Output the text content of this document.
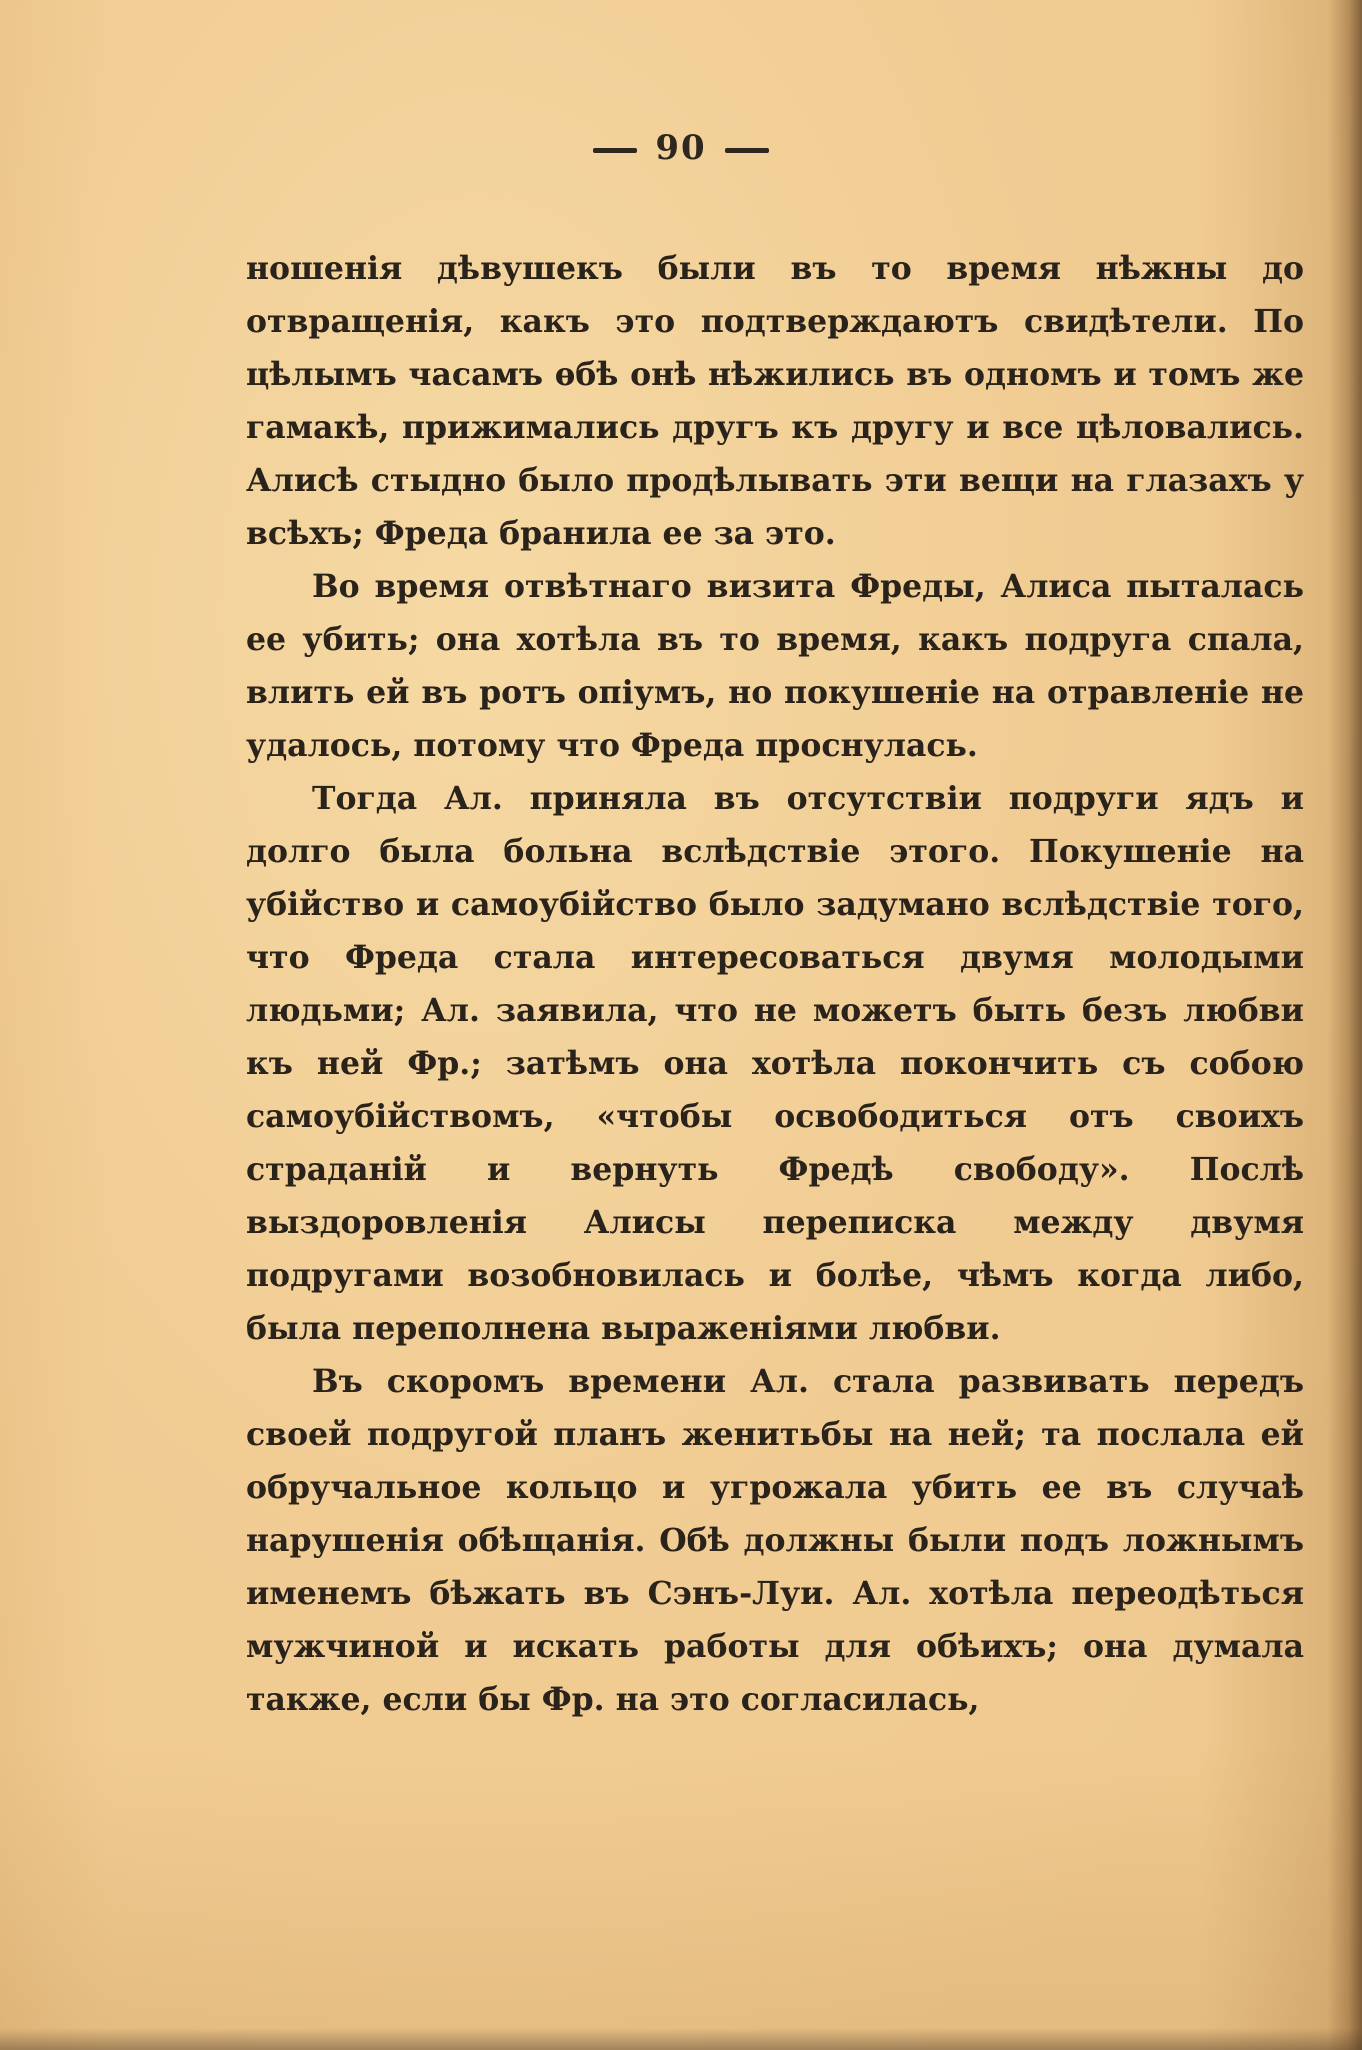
90

ношенія дѣвушекъ были въ то время нѣжны до отвращенія, какъ это подтверждаютъ свидѣтели. По цѣлымъ часамъ ѳбѣ онѣ нѣжились въ одномъ и томъ же гамакѣ, прижимались другъ къ другу и все цѣловались. Алисѣ стыдно было продѣлывать эти вещи на глазахъ у всѣхъ; Фреда бранила ее за это.

Во время отвѣтнаго визита Фреды, Алиса пыталась ее убить; она хотѣла въ то время, какъ подруга спала, влить ей въ ротъ опiумъ, но покушеніе на отравленіе не удалось, потому что Фреда проснулась.

Тогда Ал. приняла въ отсутствіи подруги ядъ и долго была больна вслѣдствіе этого. Покушеніе на убійство и самоубійство было задумано вслѣдствіе того, что Фреда стала интересоваться двумя молодыми людьми; Ал. заявила, что не можетъ быть безъ любви къ ней Фр.; затѣмъ она хотѣла покончить съ собою самоубійствомъ, «чтобы освободиться отъ своихъ страданій и вернуть Фредѣ свободу». Послѣ выздоровленія Алисы переписка между двумя подругами возобновилась и болѣе, чѣмъ когда либо, была переполнена выраженіями любви.

Въ скоромъ времени Ал. стала развивать передъ своей подругой планъ женитьбы на ней; та послала ей обручальное кольцо и угрожала убить ее въ случаѣ нарушенія обѣщанія. Обѣ должны были подъ ложнымъ именемъ бѣжать въ Сэнъ-Луи. Ал. хотѣла переодѣться мужчиной и искать работы для обѣихъ; она думала также, если бы Фр. на это согласилась,
